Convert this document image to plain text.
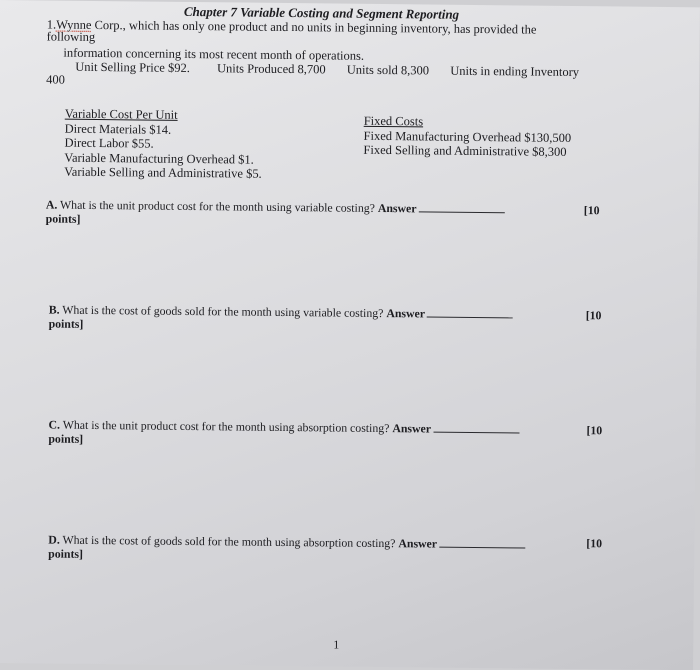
Chapter 7 Variable Costing and Segment Reporting
1.Wynne Corp., which has only one product and no units in beginning inventory, has provided the
following
information concerning its most recent month of operations.
Unit Selling Price $92. Units Produced 8,700 Units sold 8,300 Units in ending Inventory
400
Variable Cost Per Unit
Direct Materials $14.
Direct Labor $55.
Variable Manufacturing Overhead $1.
Variable Selling and Administrative $5.
Fixed Costs
Fixed Manufacturing Overhead $130,500
Fixed Selling and Administrative $8,300
A. What is the unit product cost for the month using variable costing? Answer	[10
points]
B. What is the cost of goods sold for the month using variable costing? Answer	[10
points]
C. What is the unit product cost for the month using absorption costing? Answer	[10
points]
D. What is the cost of goods sold for the month using absorption costing? Answer	[10
points]
1
